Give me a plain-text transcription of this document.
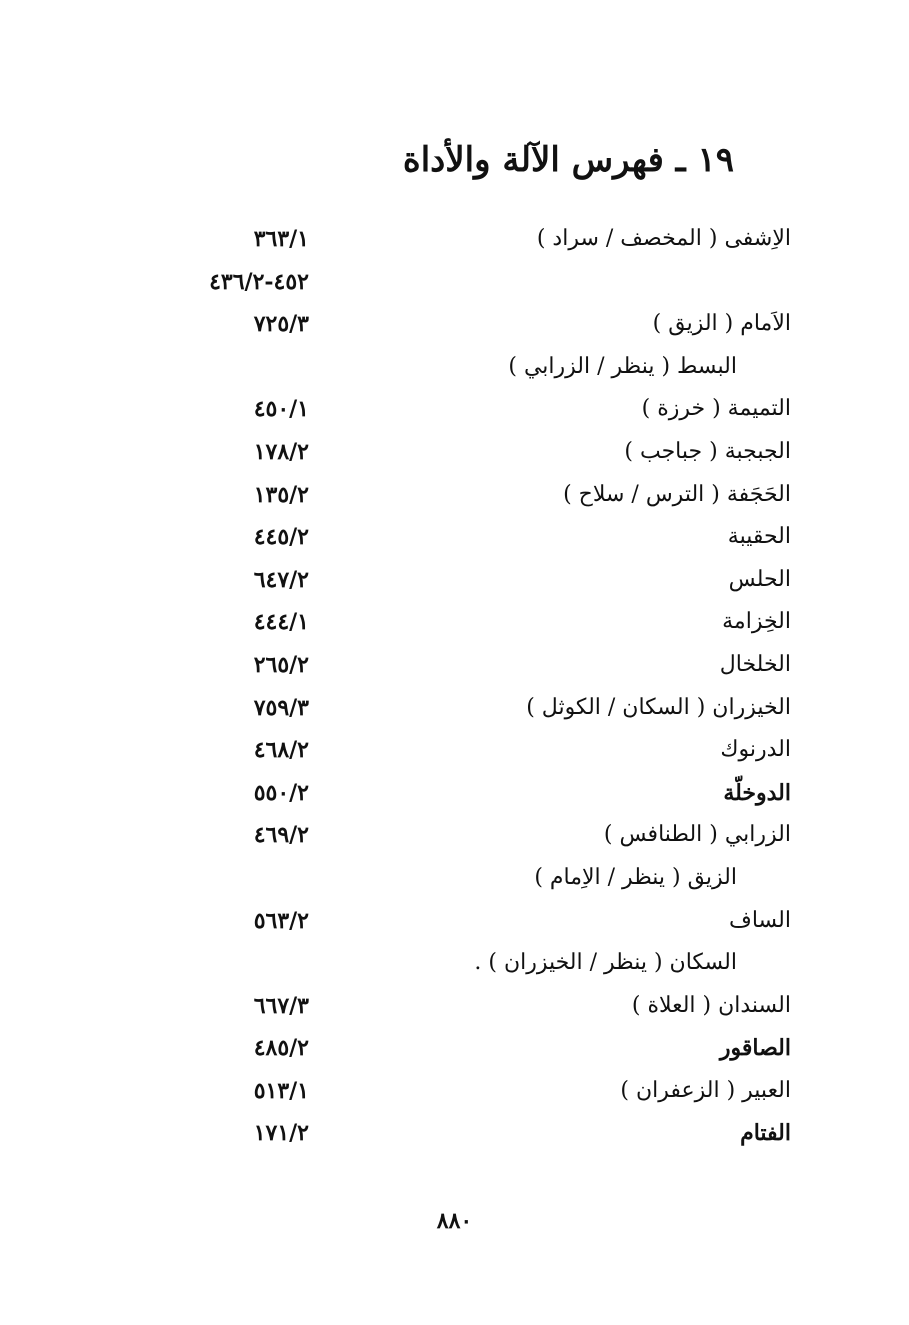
١٩ ـ فهرس الآلة والأداة
الاِشفى ( المخصف / سراد )
٣٦٣/١
٤٥٢-٤٣٦/٢
الاَمام ( الزيق )
٧٢٥/٣
البسط ( ينظر / الزرابي )
التميمة ( خرزة )
٤٥٠/١
الجبجبة ( جباجب )
١٧٨/٢
الحَجَفة ( الترس / سلاح )
١٣٥/٢
الحقيبة
٤٤٥/٢
الحلس
٦٤٧/٢
الخِزامة
٤٤٤/١
الخلخال
٢٦٥/٢
الخيزران ( السكان / الكوثل )
٧٥٩/٣
الدرنوك
٤٦٨/٢
الدوخلّة
٥٥٠/٢
الزرابي ( الطنافس )
٤٦٩/٢
الزيق ( ينظر / الاِمام )
الساف
٥٦٣/٢
السكان ( ينظر / الخيزران ) .
السندان ( العلاة )
٦٦٧/٣
الصاقور
٤٨٥/٢
العبير ( الزعفران )
٥١٣/١
الفتام
١٧١/٢
٨٨٠
